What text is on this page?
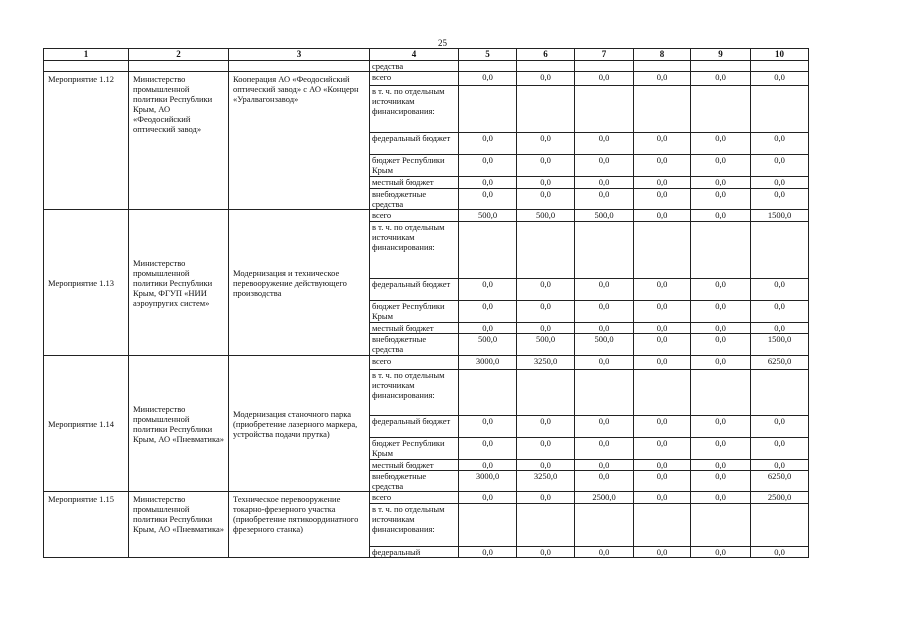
25
1	2	3	4	5	6	7	8	9	10
			средства						
Мероприятие 1.12	Министерство промышленной политики Республики Крым, АО «Феодосийский оптический завод»	Кооперация АО «Феодосийский оптический завод» с АО «Концерн «Уралвагонзавод»	всего	0,0	0,0	0,0	0,0	0,0	0,0
			в т. ч. по отдельным источникам финансирования:						
			федеральный бюджет	0,0	0,0	0,0	0,0	0,0	0,0
			бюджет Республики Крым	0,0	0,0	0,0	0,0	0,0	0,0
			местный бюджет	0,0	0,0	0,0	0,0	0,0	0,0
			внебюджетные средства	0,0	0,0	0,0	0,0	0,0	0,0
Мероприятие 1.13	Министерство промышленной политики Республики Крым, ФГУП «НИИ аэроупругих систем»	Модернизация и техническое перевооружение действующего производства	всего	500,0	500,0	500,0	0,0	0,0	1500,0
			в т. ч. по отдельным источникам финансирования:						
			федеральный бюджет	0,0	0,0	0,0	0,0	0,0	0,0
			бюджет Республики Крым	0,0	0,0	0,0	0,0	0,0	0,0
			местный бюджет	0,0	0,0	0,0	0,0	0,0	0,0
			внебюджетные средства	500,0	500,0	500,0	0,0	0,0	1500,0
Мероприятие 1.14	Министерство промышленной политики Республики Крым, АО «Пневматика»	Модернизация станочного парка (приобретение лазерного маркера, устройства подачи прутка)	всего	3000,0	3250,0	0,0	0,0	0,0	6250,0
			в т. ч. по отдельным источникам финансирования:						
			федеральный бюджет	0,0	0,0	0,0	0,0	0,0	0,0
			бюджет Республики Крым	0,0	0,0	0,0	0,0	0,0	0,0
			местный бюджет	0,0	0,0	0,0	0,0	0,0	0,0
			внебюджетные средства	3000,0	3250,0	0,0	0,0	0,0	6250,0
Мероприятие 1.15	Министерство промышленной политики Республики Крым, АО «Пневматика»	Техническое перевооружение токарно-фрезерного участка (приобретение пятикоординатного фрезерного станка)	всего	0,0	0,0	2500,0	0,0	0,0	2500,0
			в т. ч. по отдельным источникам финансирования:						
			федеральный	0,0	0,0	0,0	0,0	0,0	0,0
